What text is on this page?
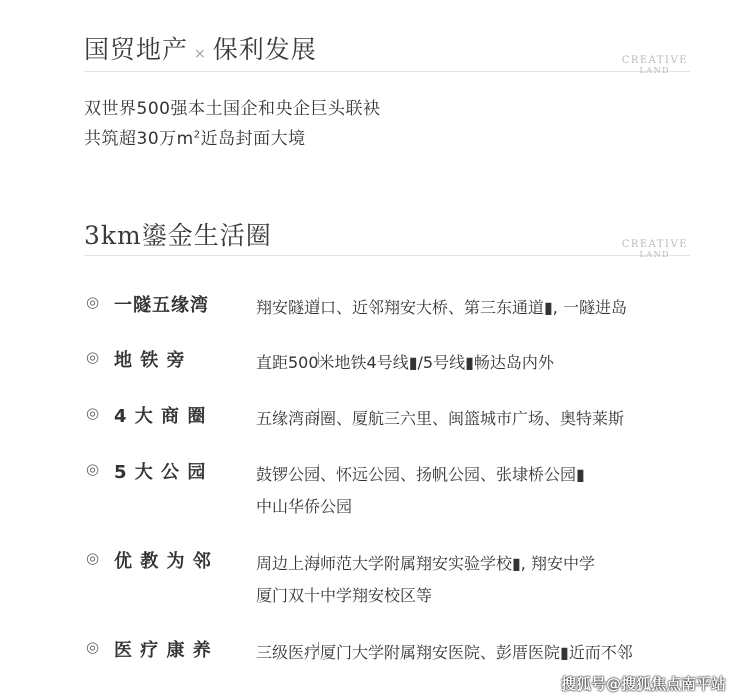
国贸地产 × 保利发展	CREATIVE
LAND
双世界500强本土国企和央企巨头联袂
共筑超30万$m^2$近岛封面大境
3km鎏金生活圈	CREATIVE
LAND
◎ 一隧五缘湾	翔安隧道口、近邻翔安大桥、第三东通道▮, 一隧进岛
◎ 地 铁 旁	直距500米地铁4号线▮/5号线▮畅达岛内外
◎ 4 大 商 圈	五缘湾商圈、厦航三六里、闽篮城市广场、奥特莱斯
◎ 5 大 公 园	鼓锣公园、怀远公园、扬帆公园、张埭桥公园▮
中山华侨公园
◎ 优 教 为 邻	周边上海师范大学附属翔安实验学校▮, 翔安中学
厦门双十中学翔安校区等
◎ 医 疗 康 养	三级医疗厦门大学附属翔安医院、彭厝医院▮近而不邻
搜狐号@搜狐焦点南平站
